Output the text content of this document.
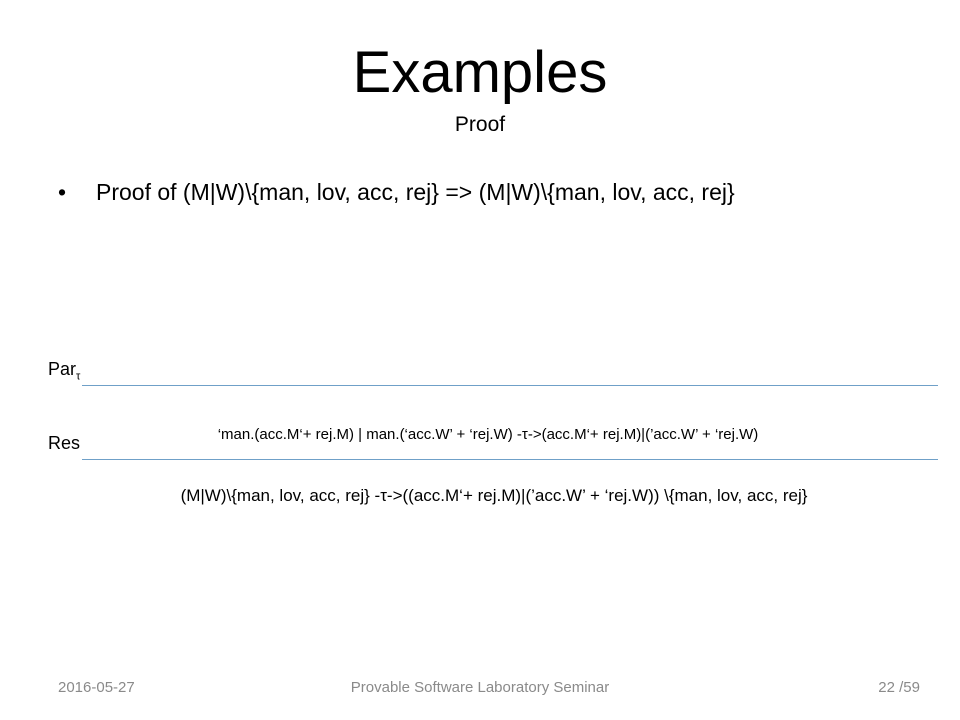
Examples
Proof
•	Proof of (M|W)\{man, lov, acc, rej} => (M|W)\{man, lov, acc, rej}
Par$_\tau$
‘man.(acc.M‘+ rej.M) | man.(‘acc.W’ + ‘rej.W) -τ->(acc.M‘+ rej.M)|(’acc.W’ + ‘rej.W)
Res
(M|W)\{man, lov, acc, rej} -τ->((acc.M‘+ rej.M)|(’acc.W’ + ‘rej.W)) \{man, lov, acc, rej}
2016-05-27	Provable Software Laboratory Seminar	22 /59
